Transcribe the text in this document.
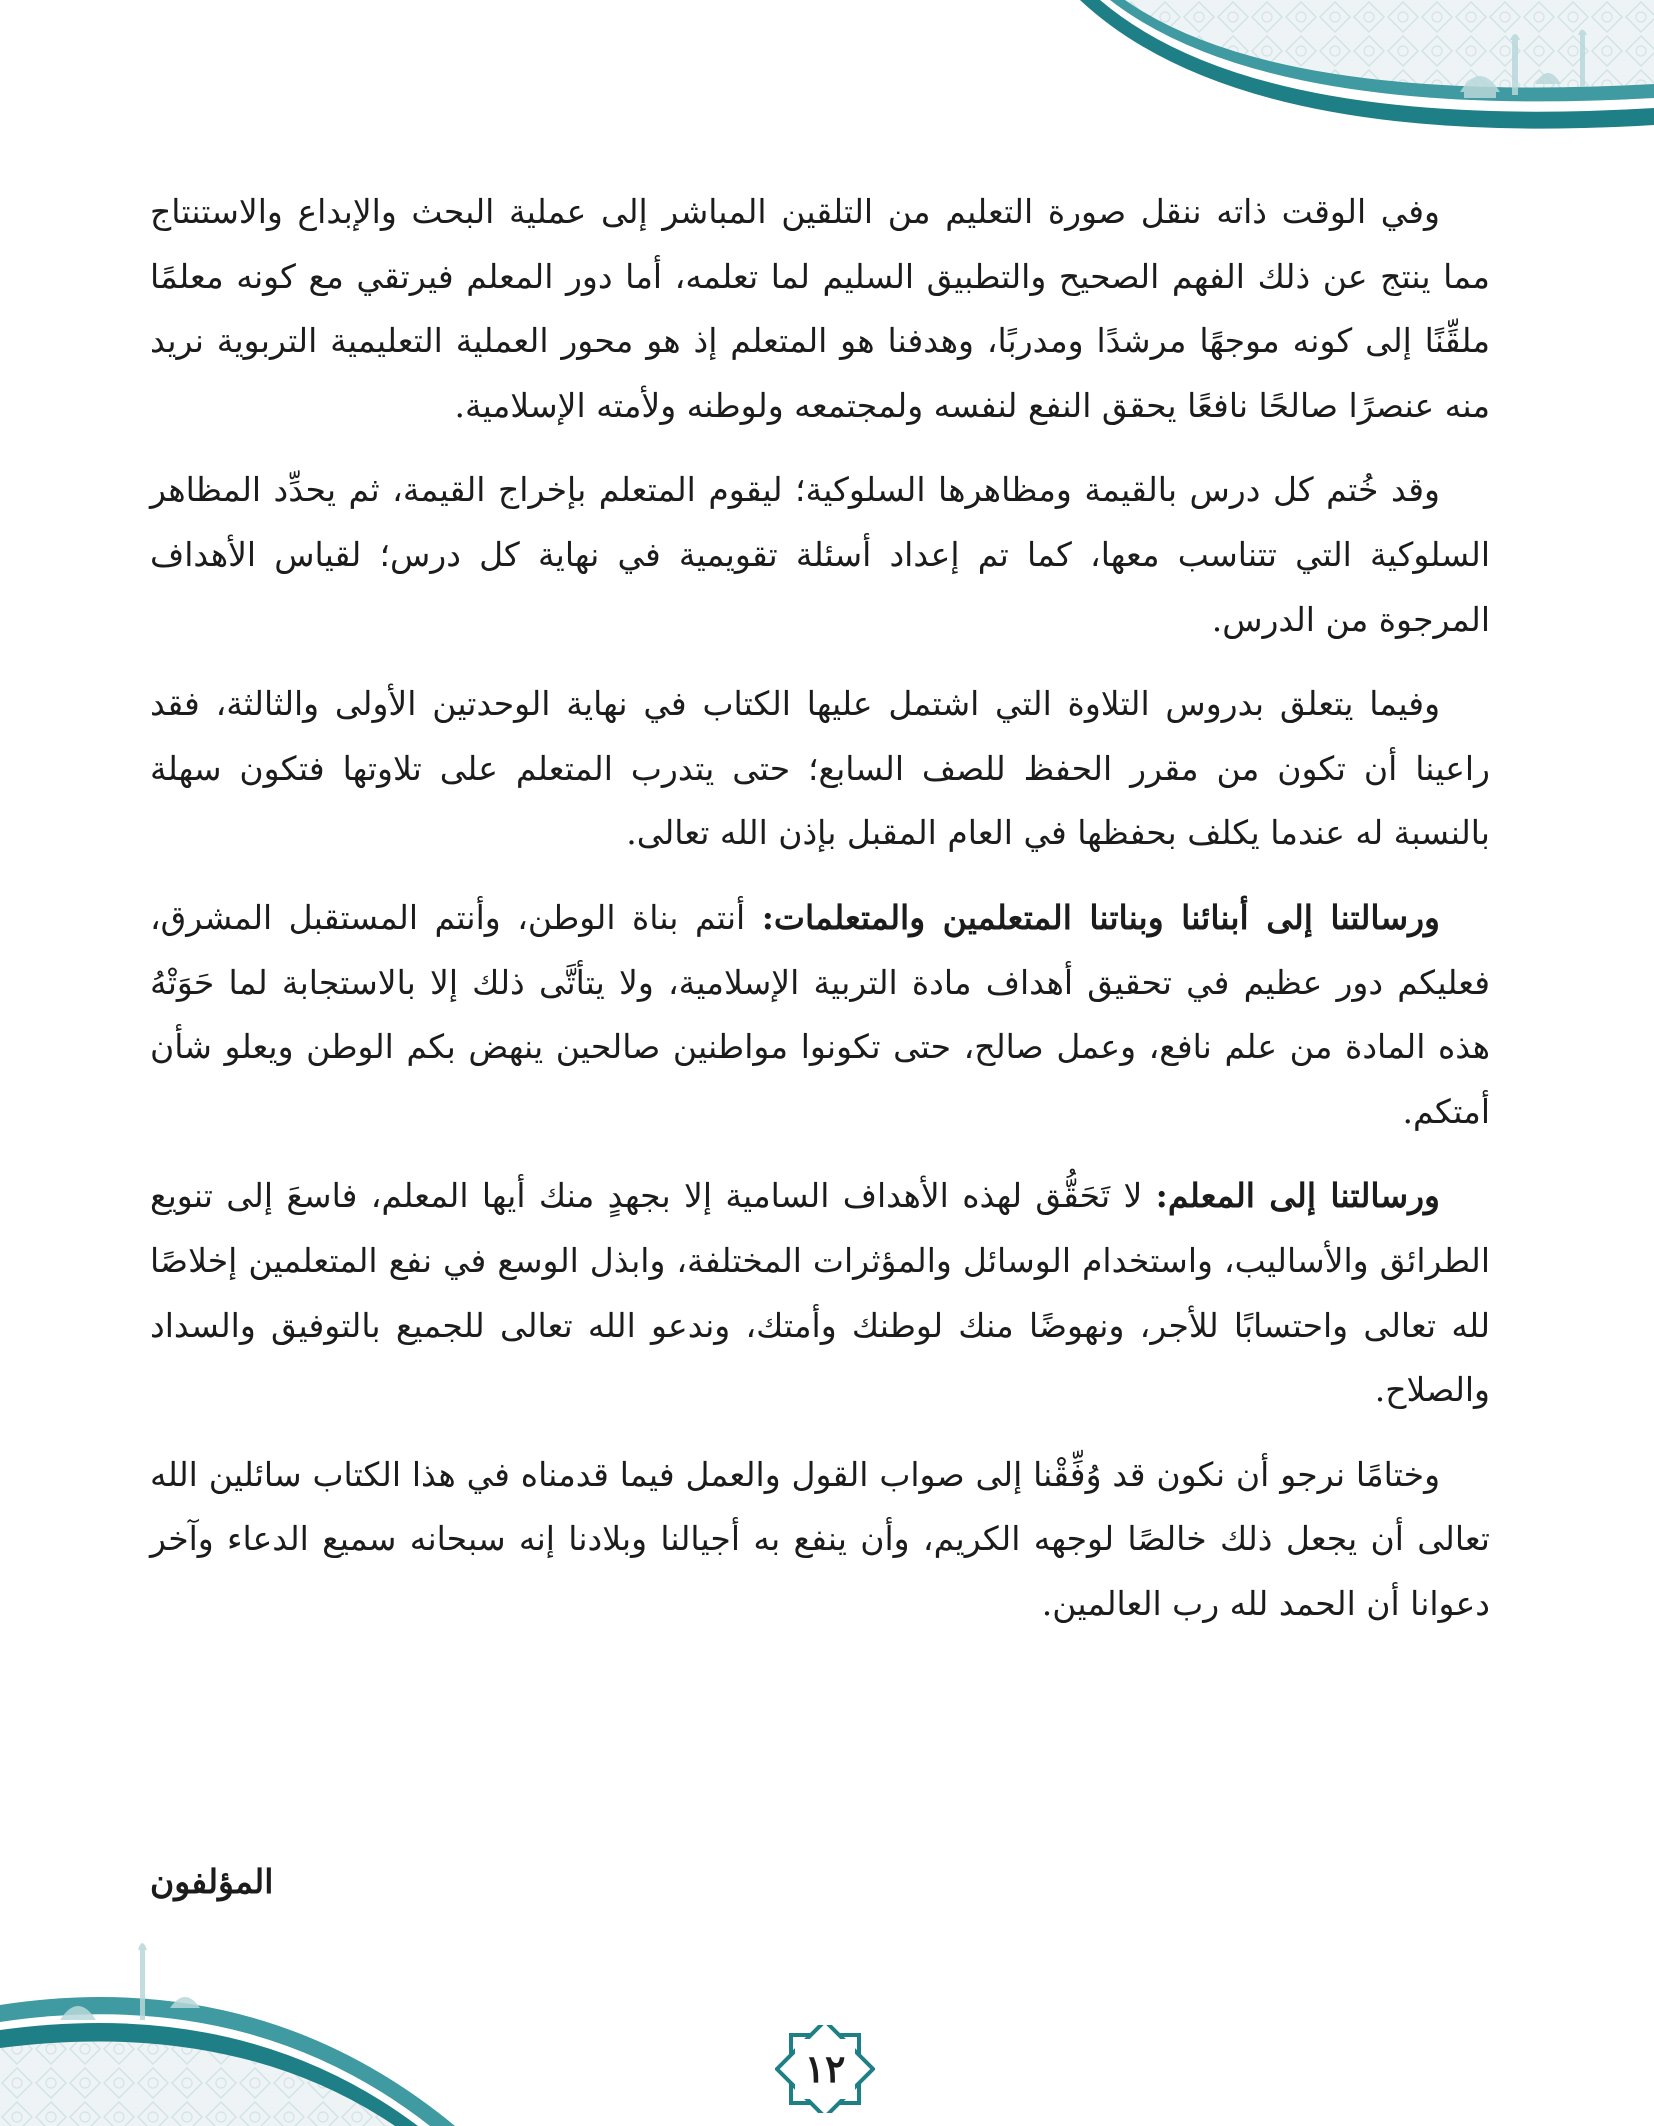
وفي الوقت ذاته ننقل صورة التعليم من التلقين المباشر إلى عملية البحث والإبداع والاستنتاج مما ينتج عن ذلك الفهم الصحيح والتطبيق السليم لما تعلمه، أما دور المعلم فيرتقي مع كونه معلمًا ملقِّنًا إلى كونه موجهًا مرشدًا ومدربًا، وهدفنا هو المتعلم إذ هو محور العملية التعليمية التربوية نريد منه عنصرًا صالحًا نافعًا يحقق النفع لنفسه ولمجتمعه ولوطنه ولأمته الإسلامية.

وقد خُتم كل درس بالقيمة ومظاهرها السلوكية؛ ليقوم المتعلم بإخراج القيمة، ثم يحدِّد المظاهر السلوكية التي تتناسب معها، كما تم إعداد أسئلة تقويمية في نهاية كل درس؛ لقياس الأهداف المرجوة من الدرس.

وفيما يتعلق بدروس التلاوة التي اشتمل عليها الكتاب في نهاية الوحدتين الأولى والثالثة، فقد راعينا أن تكون من مقرر الحفظ للصف السابع؛ حتى يتدرب المتعلم على تلاوتها فتكون سهلة بالنسبة له عندما يكلف بحفظها في العام المقبل بإذن الله تعالى.

ورسالتنا إلى أبنائنا وبناتنا المتعلمين والمتعلمات: أنتم بناة الوطن، وأنتم المستقبل المشرق، فعليكم دور عظيم في تحقيق أهداف مادة التربية الإسلامية، ولا يتأتَّى ذلك إلا بالاستجابة لما حَوَتْهُ هذه المادة من علم نافع، وعمل صالح، حتى تكونوا مواطنين صالحين ينهض بكم الوطن ويعلو شأن أمتكم.

ورسالتنا إلى المعلم: لا تَحَقُّق لهذه الأهداف السامية إلا بجهدٍ منك أيها المعلم، فاسعَ إلى تنويع الطرائق والأساليب، واستخدام الوسائل والمؤثرات المختلفة، وابذل الوسع في نفع المتعلمين إخلاصًا لله تعالى واحتسابًا للأجر، ونهوضًا منك لوطنك وأمتك، وندعو الله تعالى للجميع بالتوفيق والسداد والصلاح.

وختامًا نرجو أن نكون قد وُفِّقْنا إلى صواب القول والعمل فيما قدمناه في هذا الكتاب سائلين الله تعالى أن يجعل ذلك خالصًا لوجهه الكريم، وأن ينفع به أجيالنا وبلادنا إنه سبحانه سميع الدعاء وآخر دعوانا أن الحمد لله رب العالمين.

المؤلفون
١٢
